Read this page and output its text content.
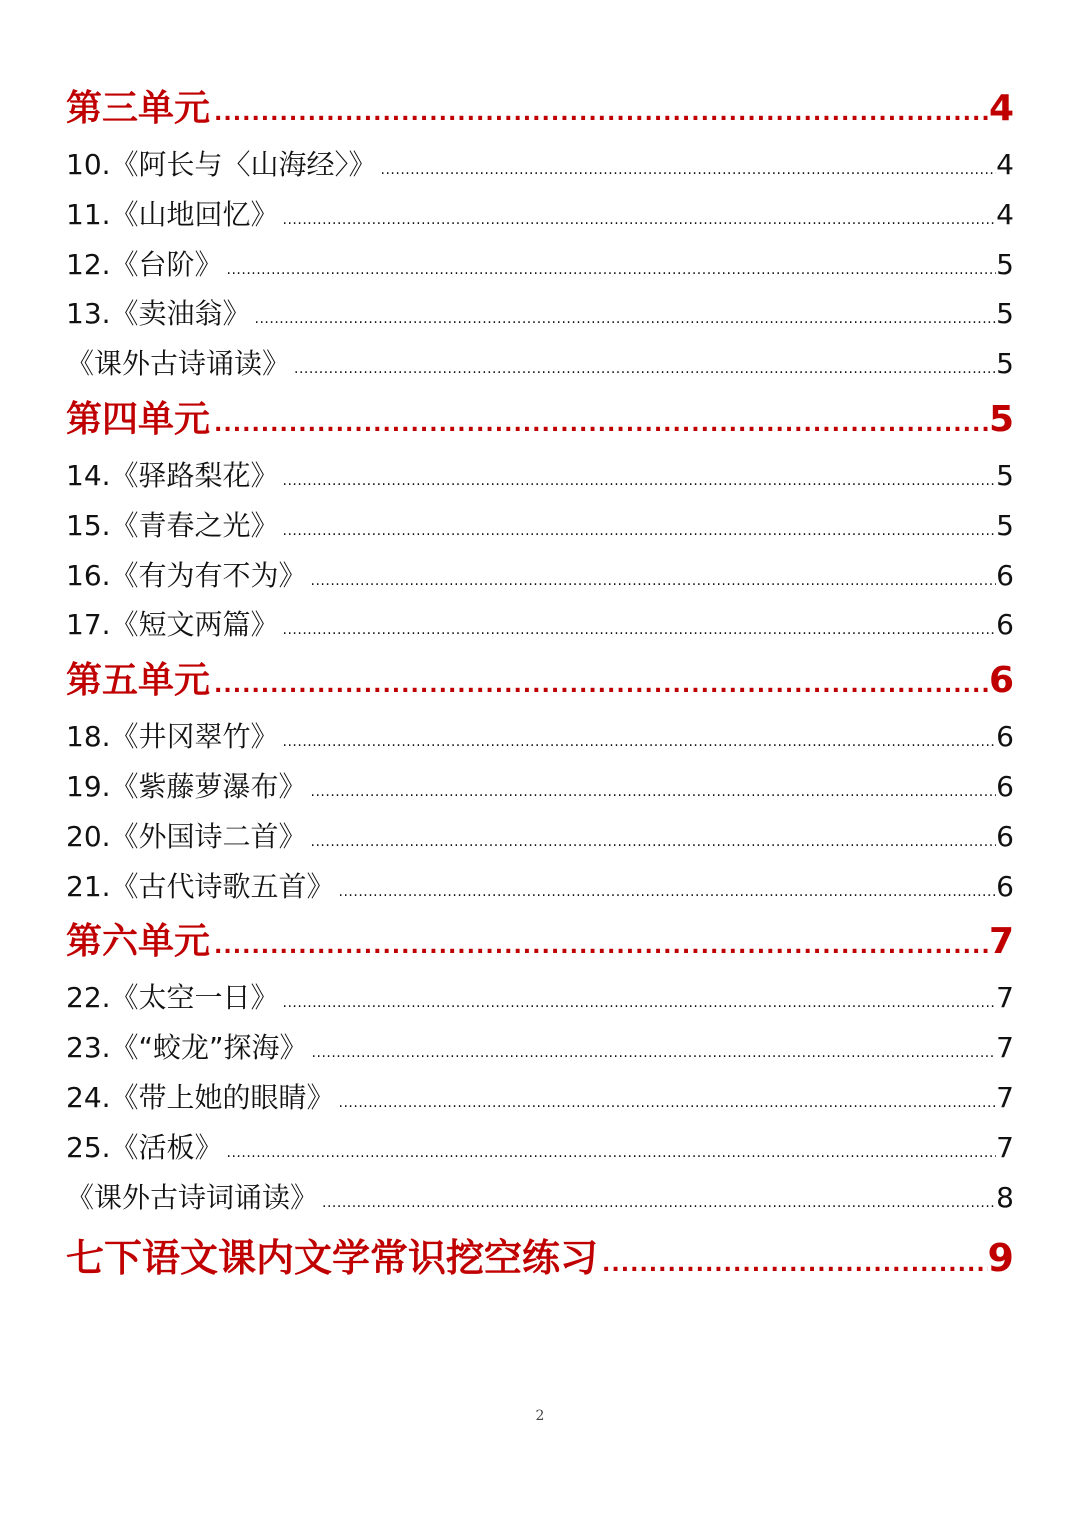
第三单元 .....	4
10.《阿长与〈山海经〉》 .....	4
11.《山地回忆》 .....	4
12.《台阶》 .....	5
13.《卖油翁》 .....	5
《课外古诗诵读》 .....	5
第四单元 .....	5
14.《驿路梨花》 .....	5
15.《青春之光》 .....	5
16.《有为有不为》 .....	6
17.《短文两篇》 .....	6
第五单元 .....	6
18.《井冈翠竹》 .....	6
19.《紫藤萝瀑布》 .....	6
20.《外国诗二首》 .....	6
21.《古代诗歌五首》 .....	6
第六单元 .....	7
22.《太空一日》 .....	7
23.《“蛟龙”探海》 .....	7
24.《带上她的眼睛》 .....	7
25.《活板》 .....	7
《课外古诗词诵读》 .....	8
七下语文课内文学常识挖空练习 .....	9
2
